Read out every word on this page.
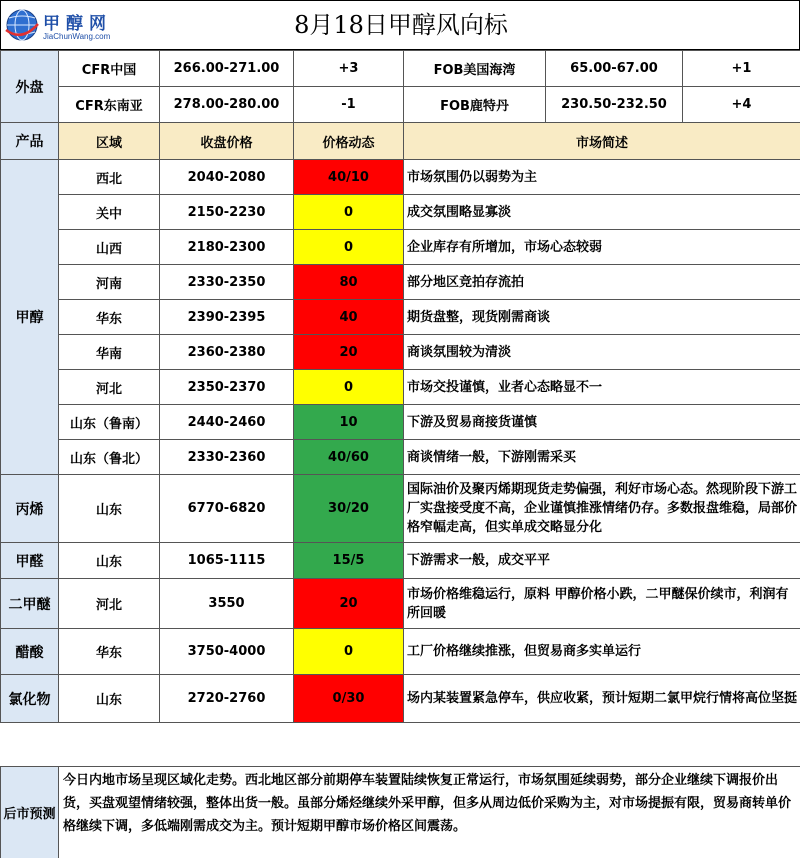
甲醇网
JiaChunWang.com	8月18日甲醇风向标
外盘	CFR中国	266.00-271.00	+3	FOB美国海湾	65.00-67.00	+1
	CFR东南亚	278.00-280.00	-1	FOB鹿特丹	230.50-232.50	+4
产品	区域	收盘价格	价格动态	市场简述
甲醇	西北	2040-2080	40/10	市场氛围仍以弱势为主
	关中	2150-2230	0	成交氛围略显寡淡
	山西	2180-2300	0	企业库存有所增加，市场心态较弱
	河南	2330-2350	80	部分地区竞拍存流拍
	华东	2390-2395	40	期货盘整，现货刚需商谈
	华南	2360-2380	20	商谈氛围较为清淡
	河北	2350-2370	0	市场交投谨慎，业者心态略显不一
	山东（鲁南）	2440-2460	10	下游及贸易商接货谨慎
	山东（鲁北）	2330-2360	40/60	商谈情绪一般，下游刚需采买
丙烯	山东	6770-6820	30/20	国际油价及聚丙烯期现货走势偏强，利好市场心态。然现阶段下游工厂实盘接受度不高，企业谨慎推涨情绪仍存。多数报盘维稳，局部价格窄幅走高，但实单成交略显分化
甲醛	山东	1065-1115	15/5	下游需求一般，成交平平
二甲醚	河北	3550	20	市场价格维稳运行，原料 甲醇价格小跌，二甲醚保价续市，利润有所回暖
醋酸	华东	3750-4000	0	工厂价格继续推涨，但贸易商多实单运行
氯化物	山东	2720-2760	0/30	场内某装置紧急停车，供应收紧，预计短期二氯甲烷行情将高位坚挺
后市预测	今日内地市场呈现区域化走势。西北地区部分前期停车装置陆续恢复正常运行，市场氛围延续弱势，部分企业继续下调报价出货，买盘观望情绪较强，整体出货一般。虽部分烯烃继续外采甲醇，但多从周边低价采购为主，对市场提振有限，贸易商转单价格继续下调，多低端刚需成交为主。预计短期甲醇市场价格区间震荡。
